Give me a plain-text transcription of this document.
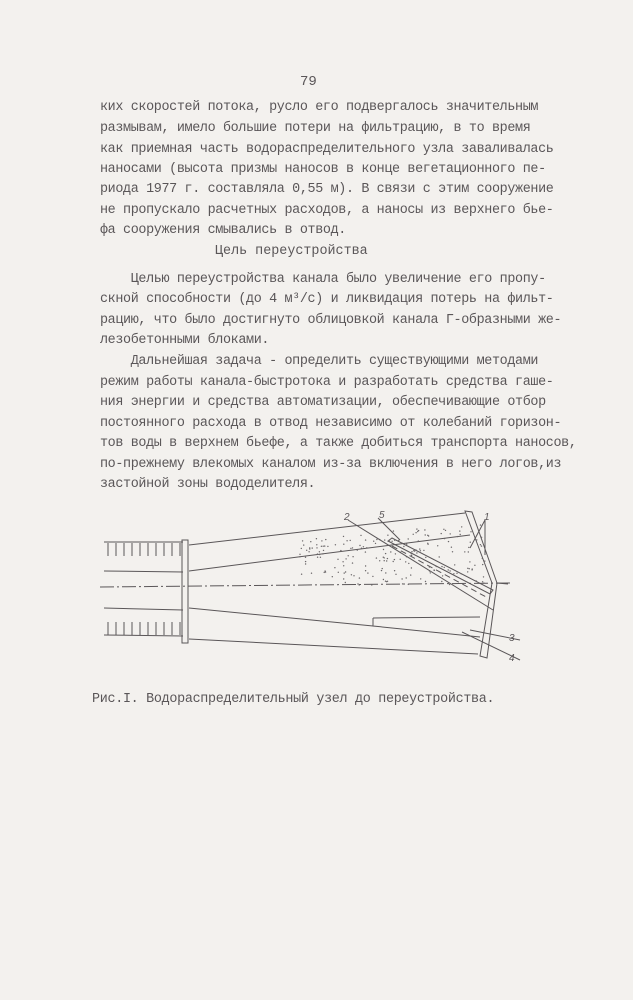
79
ких скоростей потока, русло его подвергалось значительным
размывам, имело большие потери на фильтрацию, в то время
как приемная часть водораспределительного узла заваливалась
наносами (высота призмы наносов в конце вегетационного пе-
риода 1977 г. составляла 0,55 м). В связи с этим сооружение
не пропускало расчетных расходов, а наносы из верхнего бье-
фа сооружения смывались в отвод.
Цель переустройства
Целью переустройства канала было увеличение его пропу-
скной способности (до 4 м³/с) и ликвидация потерь на фильт-
рацию, что было достигнуто облицовкой канала Г-образными же-
лезобетонными блоками.
Дальнейшая задача - определить существующими методами
режим работы канала-быстротока и разработать средства гаше-
ния энергии и средства автоматизации, обеспечивающие отбор
постоянного расхода в отвод независимо от колебаний горизон-
тов воды в верхнем бьефе, а также добиться транспорта наносов,
по-прежнему влекомых каналом из-за включения в него логов,из
застойной зоны вододелителя.
1
2
3
4
5
Рис.I. Водораспределительный узел до переустройства.
